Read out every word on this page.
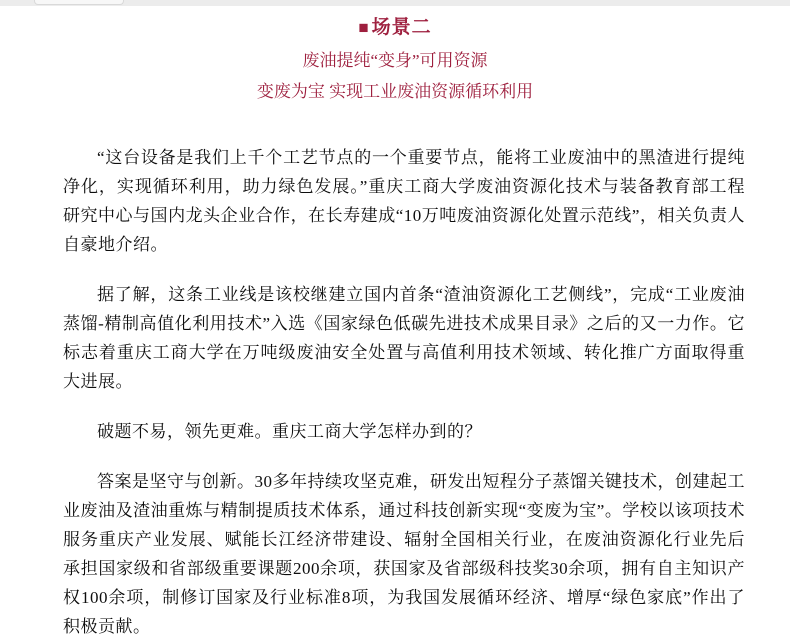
■ 场景二

废油提纯“变身”可用资源

变废为宝 实现工业废油资源循环利用

“这台设备是我们上千个工艺节点的一个重要节点，能将工业废油中的黑渣进行提纯净化，实现循环利用，助力绿色发展。”重庆工商大学废油资源化技术与装备教育部工程研究中心与国内龙头企业合作，在长寿建成“10万吨废油资源化处置示范线”，相关负责人自豪地介绍。

据了解，这条工业线是该校继建立国内首条“渣油资源化工艺侧线”，完成“工业废油蒸馏-精制高值化利用技术”入选《国家绿色低碳先进技术成果目录》之后的又一力作。它标志着重庆工商大学在万吨级废油安全处置与高值利用技术领域、转化推广方面取得重大进展。

破题不易，领先更难。重庆工商大学怎样办到的？

答案是坚守与创新。30多年持续攻坚克难，研发出短程分子蒸馏关键技术，创建起工业废油及渣油重炼与精制提质技术体系，通过科技创新实现“变废为宝”。学校以该项技术服务重庆产业发展、赋能长江经济带建设、辐射全国相关行业，在废油资源化行业先后承担国家级和省部级重要课题200余项，获国家及省部级科技奖30余项，拥有自主知识产权100余项，制修订国家及行业标准8项，为我国发展循环经济、增厚“绿色家底”作出了积极贡献。
